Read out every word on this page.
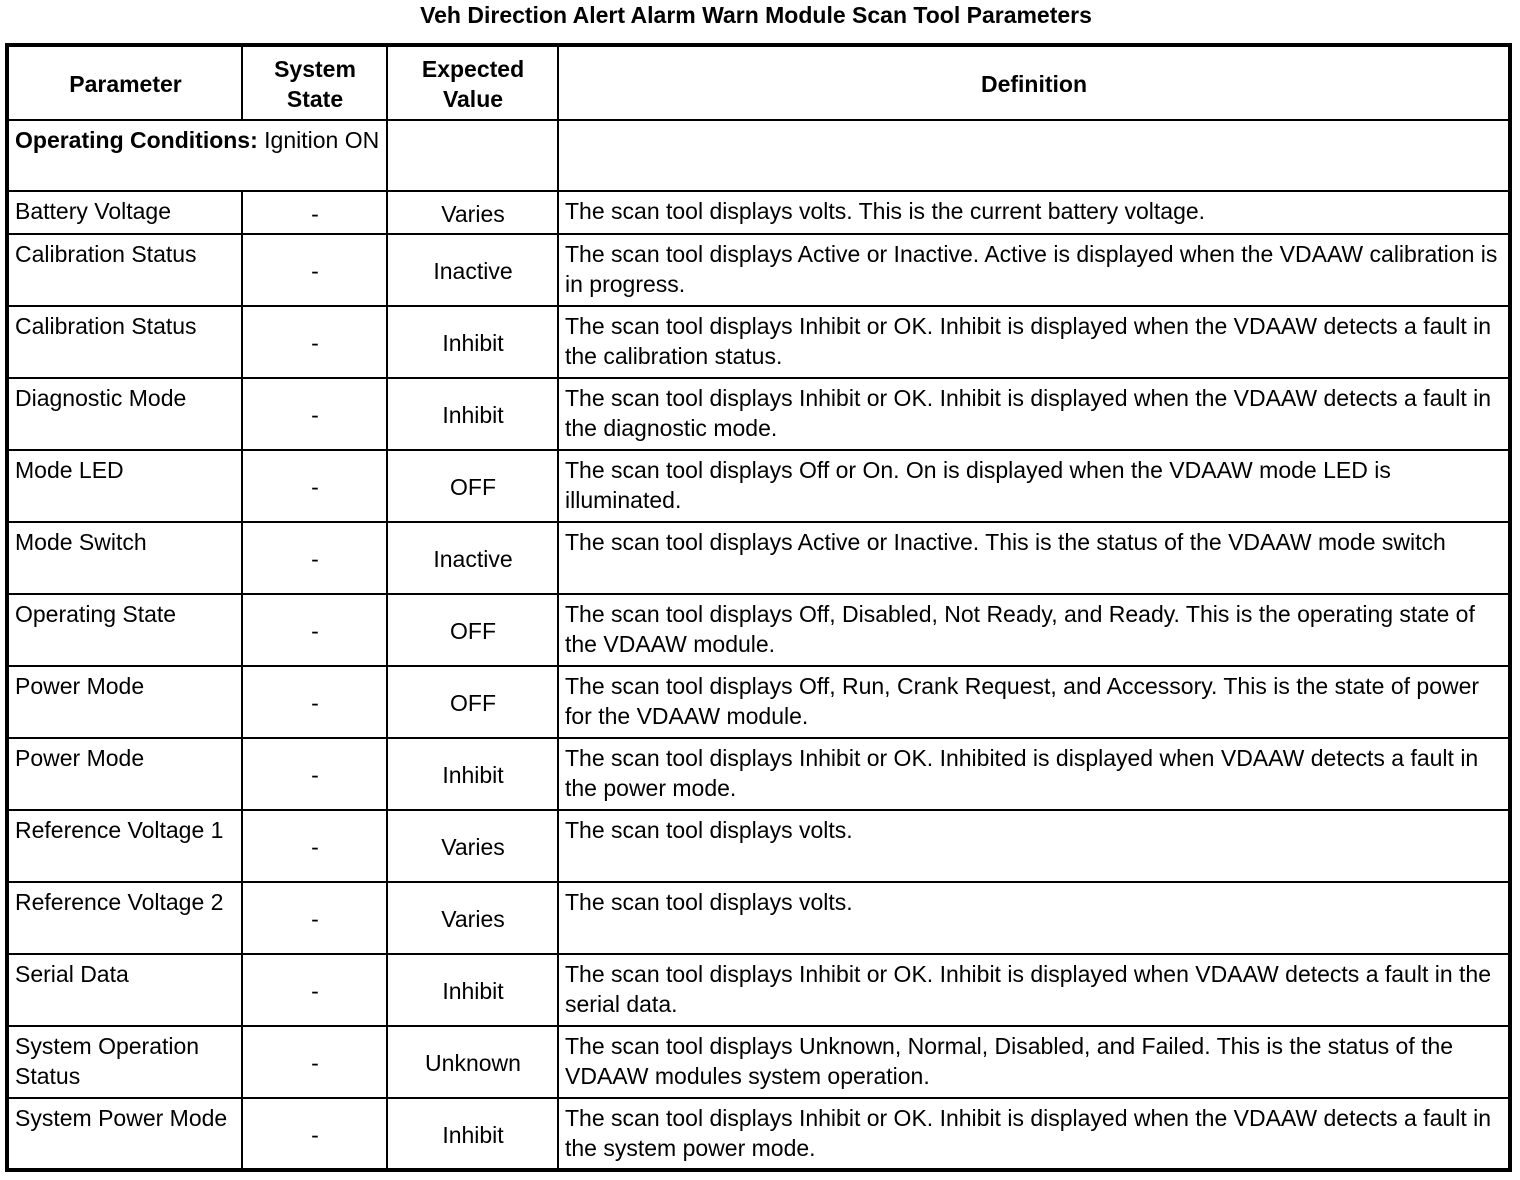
Veh Direction Alert Alarm Warn Module Scan Tool Parameters
Parameter	System State	Expected Value	Definition
Operating Conditions: Ignition ON			
Battery Voltage	-	Varies	The scan tool displays volts. This is the current battery voltage.
Calibration Status	-	Inactive	The scan tool displays Active or Inactive. Active is displayed when the VDAAW calibration is in progress.
Calibration Status	-	Inhibit	The scan tool displays Inhibit or OK. Inhibit is displayed when the VDAAW detects a fault in the calibration status.
Diagnostic Mode	-	Inhibit	The scan tool displays Inhibit or OK. Inhibit is displayed when the VDAAW detects a fault in the diagnostic mode.
Mode LED	-	OFF	The scan tool displays Off or On. On is displayed when the VDAAW mode LED is illuminated.
Mode Switch	-	Inactive	The scan tool displays Active or Inactive. This is the status of the VDAAW mode switch
Operating State	-	OFF	The scan tool displays Off, Disabled, Not Ready, and Ready. This is the operating state of the VDAAW module.
Power Mode	-	OFF	The scan tool displays Off, Run, Crank Request, and Accessory. This is the state of power for the VDAAW module.
Power Mode	-	Inhibit	The scan tool displays Inhibit or OK. Inhibited is displayed when VDAAW detects a fault in the power mode.
Reference Voltage 1	-	Varies	The scan tool displays volts.
Reference Voltage 2	-	Varies	The scan tool displays volts.
Serial Data	-	Inhibit	The scan tool displays Inhibit or OK. Inhibit is displayed when VDAAW detects a fault in the serial data.
System Operation Status	-	Unknown	The scan tool displays Unknown, Normal, Disabled, and Failed. This is the status of the VDAAW modules system operation.
System Power Mode	-	Inhibit	The scan tool displays Inhibit or OK. Inhibit is displayed when the VDAAW detects a fault in the system power mode.
